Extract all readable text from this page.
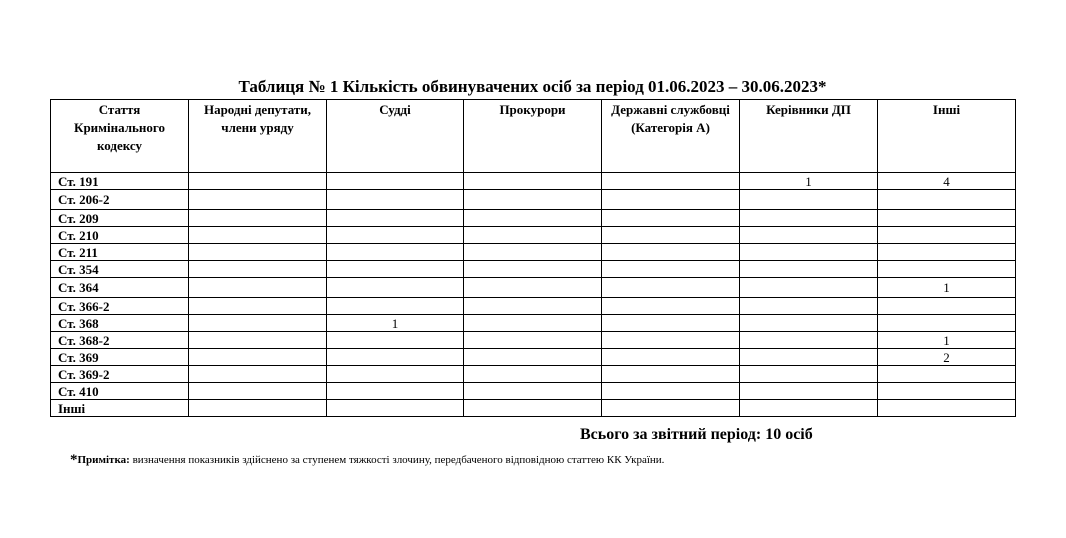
Таблиця № 1 Кількість обвинувачених осіб за період 01.06.2023 – 30.06.2023*
Стаття Кримінального кодексу	Народні депутати, члени уряду	Судді	Прокурори	Державні службовці (Категорія А)	Керівники ДП	Інші
Ст. 191					1	4
Ст. 206-2						
Ст. 209						
Ст. 210						
Ст. 211						
Ст. 354						
Ст. 364						1
Ст. 366-2						
Ст. 368		1				
Ст. 368-2						1
Ст. 369						2
Ст. 369-2						
Ст. 410						
Інші						
Всього за звітний період: 10 осіб
*Примітка: визначення показників здійснено за ступенем тяжкості злочину, передбаченого відповідною статтею КК України.
